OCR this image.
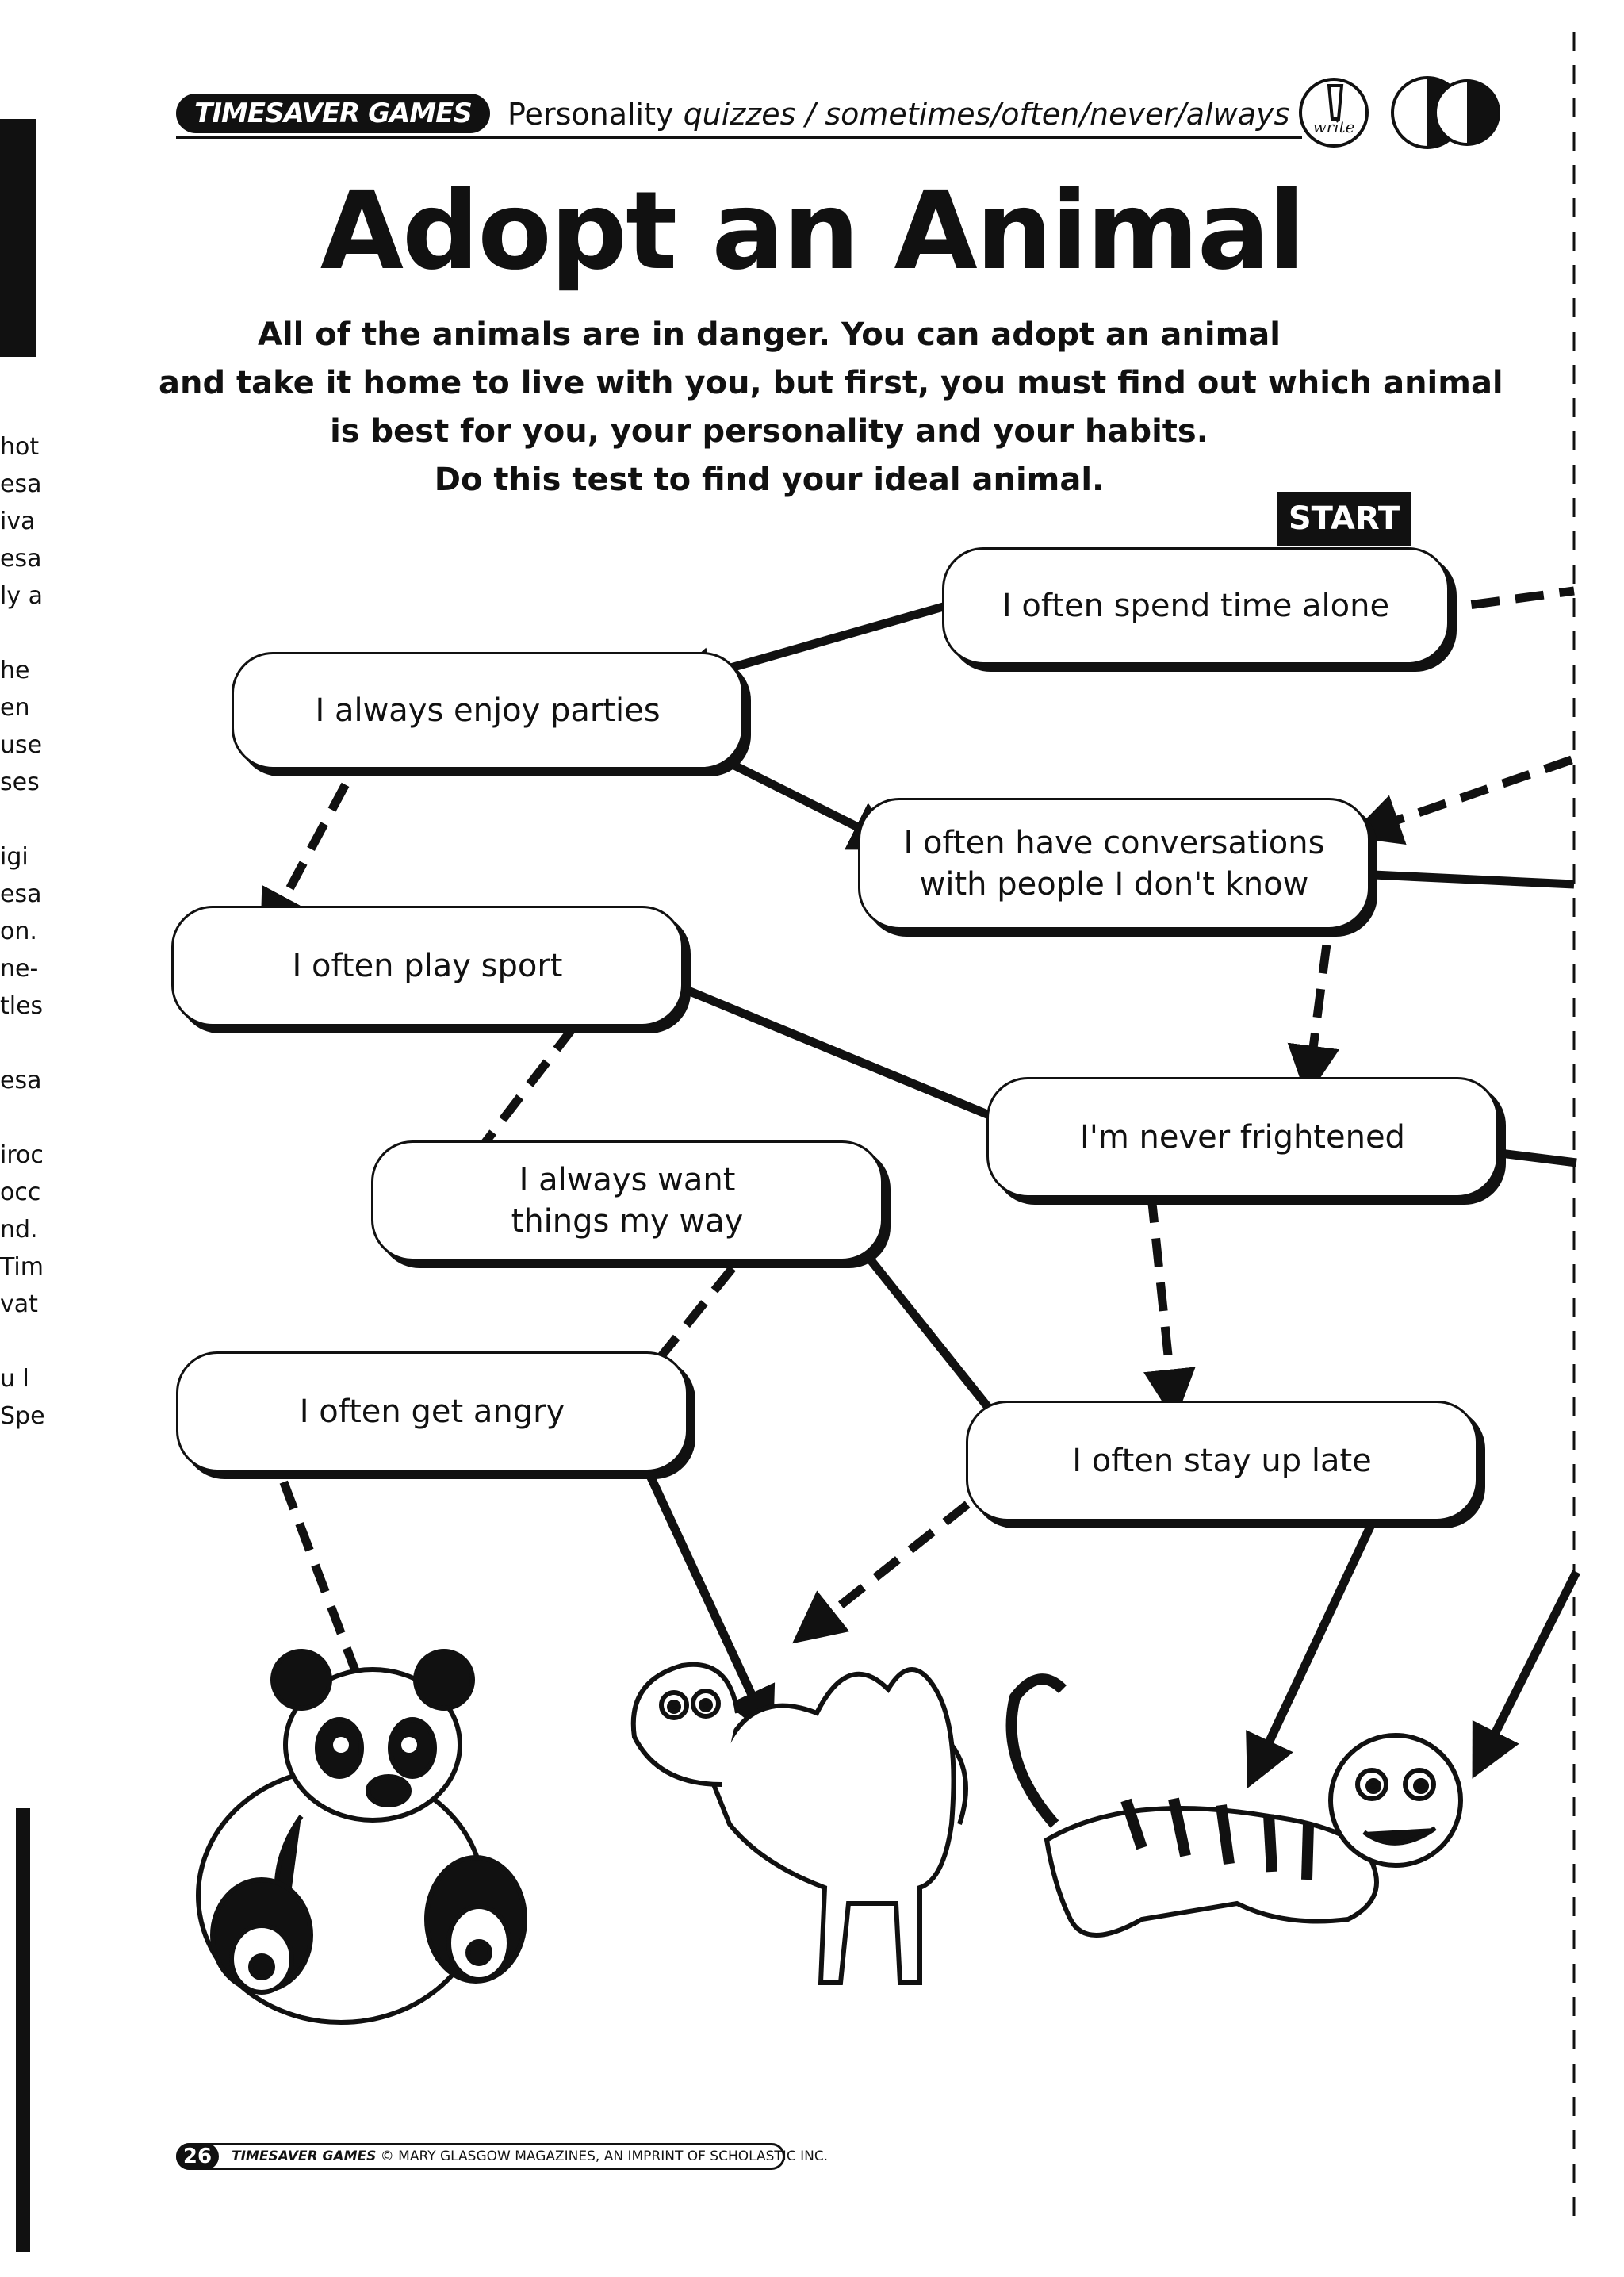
hot
esa
iva
esa
ly a
he
en
use
ses
igi
esa
on.
ne-
tles
esa
iroc
occ
nd.
Tim
vat
u l
Spe
TIMESAVER GAMES	Personality quizzes / sometimes/often/never/always	write
Adopt an Animal
All of the animals are in danger. You can adopt an animal
and take it home to live with you, but first, you must find out which animal
is best for you, your personality and your habits.
Do this test to find your ideal animal.
START
I often spend time alone
I always enjoy parties
I often have conversations
with people I don't know
I often play sport
I'm never frightened
I always want
things my way
I often get angry
I often stay up late
26	TIMESAVER GAMES © MARY GLASGOW MAGAZINES, AN IMPRINT OF SCHOLASTIC INC.
